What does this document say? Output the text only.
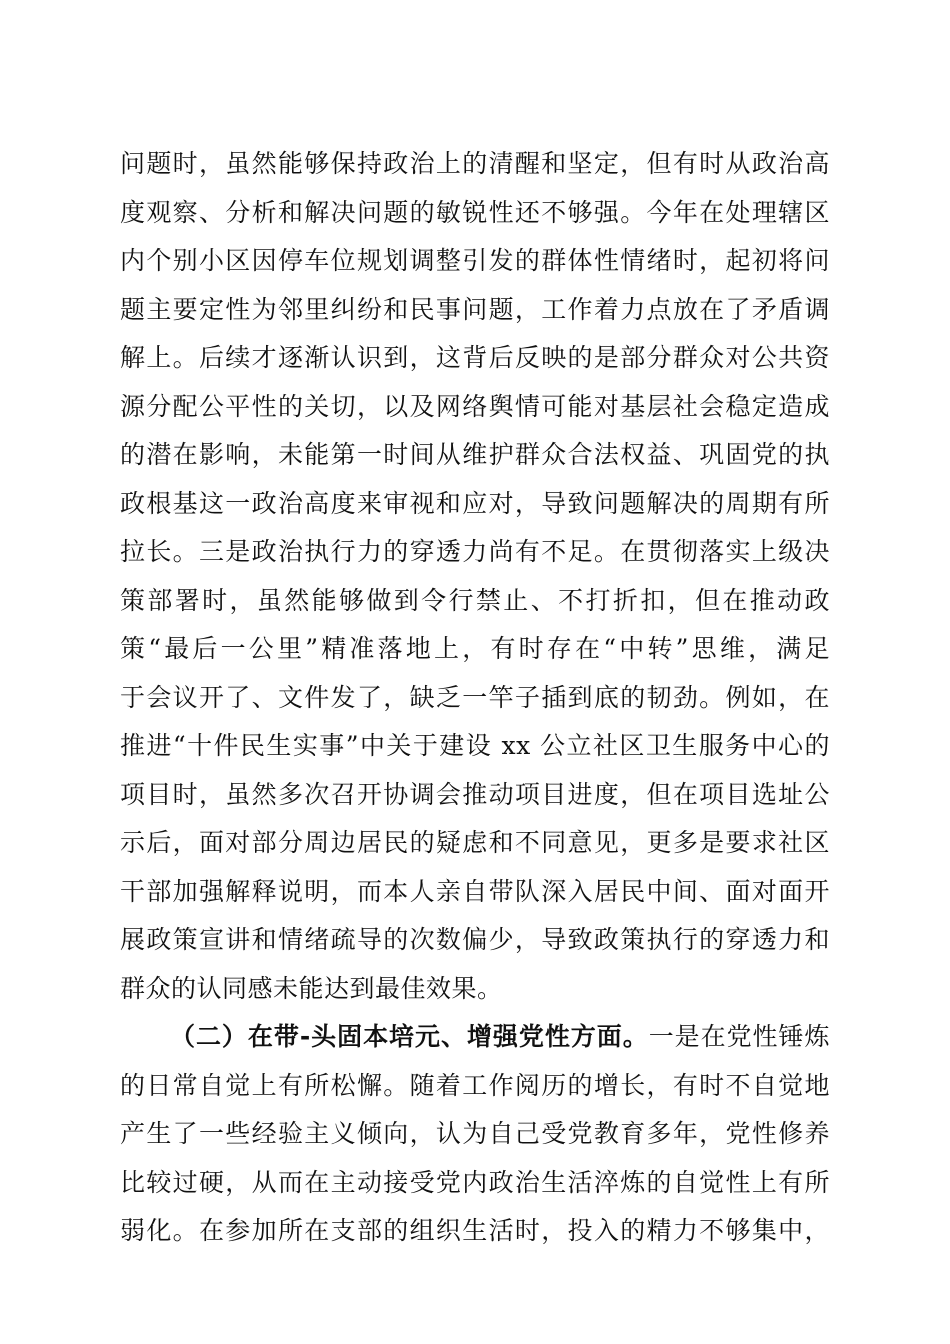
问题时，虽然能够保持政治上的清醒和坚定，但有时从政治高
度观察、分析和解决问题的敏锐性还不够强。今年在处理辖区
内个别小区因停车位规划调整引发的群体性情绪时，起初将问
题主要定性为邻里纠纷和民事问题，工作着力点放在了矛盾调
解上。后续才逐渐认识到，这背后反映的是部分群众对公共资
源分配公平性的关切，以及网络舆情可能对基层社会稳定造成
的潜在影响，未能第一时间从维护群众合法权益、巩固党的执
政根基这一政治高度来审视和应对，导致问题解决的周期有所
拉长。三是政治执行力的穿透力尚有不足。在贯彻落实上级决
策部署时，虽然能够做到令行禁止、不打折扣，但在推动政
策“最后一公里”精准落地上，有时存在“中转”思维，满足
于会议开了、文件发了，缺乏一竿子插到底的韧劲。例如，在
推进“十件民生实事”中关于建设 xx 公立社区卫生服务中心的
项目时，虽然多次召开协调会推动项目进度，但在项目选址公
示后，面对部分周边居民的疑虑和不同意见，更多是要求社区
干部加强解释说明，而本人亲自带队深入居民中间、面对面开
展政策宣讲和情绪疏导的次数偏少，导致政策执行的穿透力和
群众的认同感未能达到最佳效果。
（二）在带-头固本培元、增强党性方面。一是在党性锤炼
的日常自觉上有所松懈。随着工作阅历的增长，有时不自觉地
产生了一些经验主义倾向，认为自己受党教育多年，党性修养
比较过硬，从而在主动接受党内政治生活淬炼的自觉性上有所
弱化。在参加所在支部的组织生活时，投入的精力不够集中，
